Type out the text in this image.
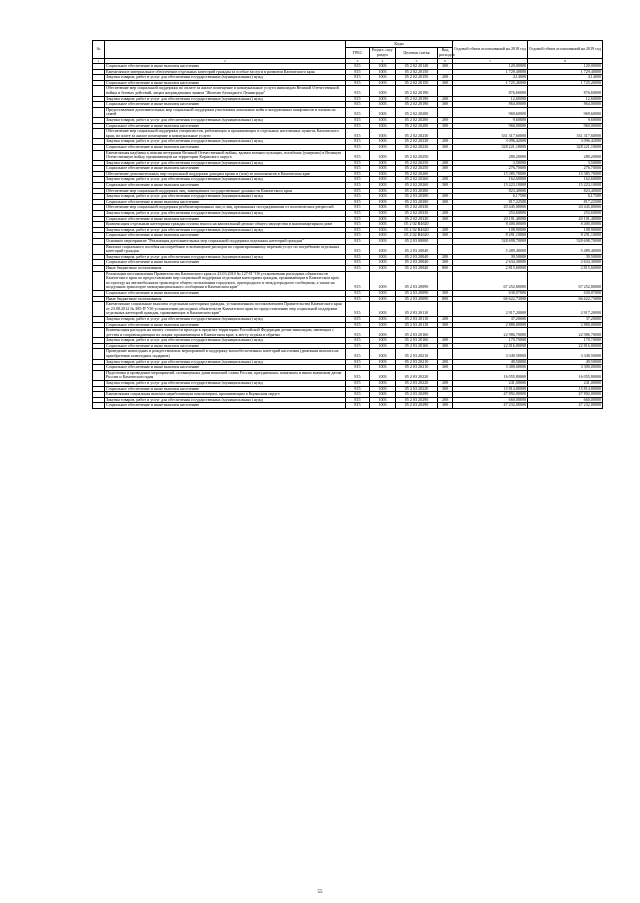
№		Коды				Годовой объем ассигнований на 2018 год	Годовой объем ассигнований на 2019 год
		ГРБС	Раздел, под-раздел	Целевая статья	Вид расходов		
1	2	3	4	5	6	7	8
	Социальное обеспечение и иные выплаты населению	815	1003	05 2 02 20140	300	120,00000	120,00000
	Ежемесячное материальное обеспечение отдельных категорий граждан за особые заслуги в развитии Камчатского края	815	1003	05 2 02 20150		1 729,40000	1 729,40000
	Закупка товаров, работ и услуг для обеспечения государственных (муниципальных) нужд	815	1003	05 2 02 20150	200	4,14000	4,14000
	Социальное обеспечение и иные выплаты населению	815	1003	05 2 02 20150	300	1 725,26000	1 725,26000
	Обеспечение мер социальной поддержки по оплате за жилое помещение и коммунальные услуги инвалидам Великой Отечественной войны и боевых действий, лицам награжденным знаком "Жителю блокадного Ленинграда"	815	1003	05 2 02 20190		876,60000	876,60000
	Закупка товаров, работ и услуг для обеспечения государственных (муниципальных) нужд	815	1003	05 2 02 20190	200	12,60000	12,60000
	Социальное обеспечение и иные выплаты населению	815	1003	05 2 02 20190	300	864,00000	864,00000
	Предоставление дополнительных мер социальной поддержки участникам локальных войн и вооруженных конфликтов и членам их семей	815	1003	05 2 02 20200		969,60000	969,60000
	Закупка товаров, работ и услуг для обеспечения государственных (муниципальных) нужд	815	1003	05 2 02 20200	200	9,60000	9,60000
	Социальное обеспечение и иные выплаты населению	815	1003	05 2 02 20200	300	960,00000	960,00000
	Обеспечение мер социальной поддержки специалистов, работающих и проживающих в отдельных населенных пунктах Камчатского края, по плате за жилое помещение и коммунальные услуги	815	1003	05 2 02 20230		331 317,60000	331 317,60000
	Закупка товаров, работ и услуг для обеспечения государственных (муниципальных) нужд	815	1003	05 2 02 20230	200	3 096,42000	3 096,42000
	Социальное обеспечение и иные выплаты населению	815	1003	05 2 02 20230	300	328 221,18000	328 221,18000
	Ежемесячная надбавка к пенсии ветеранам Великой Отечественной войны, вдовам военнослужащих, погибших (умерших) в Великую Отечественную войну, проживающим на территории Корякского округа	815	1003	05 2 02 20250		280,20000	280,20000
	Закупка товаров, работ и услуг для обеспечения государственных (муниципальных) нужд	815	1003	05 2 02 20250	200	3,50000	3,50000
	Социальное обеспечение и иные выплаты населению	815	1003	05 2 02 20250	300	276,70000	276,70000
	Обеспечение дополнительных мер социальной поддержки донорам крови и (или) ее компонентов в Камчатском крае	815	1003	05 2 02 20260		15 385,70000	15 385,70000
	Закупка товаров, работ и услуг для обеспечения государственных (муниципальных) нужд	815	1003	05 2 02 20260	200	162,60000	162,60000
	Социальное обеспечение и иные выплаты населению	815	1003	05 2 02 20260	300	15 223,10000	15 223,10000
	Обеспечение мер социальной поддержки лиц, замещавших государственные должности Камчатского края	815	1003	05 2 03 20300		823,40000	823,40000
	Закупка товаров, работ и услуг для обеспечения государственных (муниципальных) нужд	815	1003	05 2 03 20300	200	6,17500	6,17500
	Социальное обеспечение и иные выплаты населению	815	1003	05 2 03 20300	300	817,22500	817,22500
	Обеспечение мер социальной поддержки реабилитированных лиц и лиц, признанных пострадавшими от политических репрессий	815	1003	05 2 02 20330		20 445,00000	20 445,00000
	Закупка товаров, работ и услуг для обеспечения государственных (муниципальных) нужд	815	1003	05 2 02 20330	200	253,60000	253,60000
	Социальное обеспечение и иные выплаты населению	815	1003	05 2 02 20330	300	20 191,40000	20 191,40000
	Компенсация отдельным категориям граждан оплаты взноса на капитальный ремонт общего имущества в многоквартирном доме	815	1003	05 2 02 R4620		8 400,00000	8 400,00000
	Закупка товаров, работ и услуг для обеспечения государственных (муниципальных) нужд	815	1003	05 2 02 R4620	200	108,90000	108,90000
	Социальное обеспечение и иные выплаты населению	815	1003	05 2 02 R4620	300	8 291,10000	8 291,10000
	Основное мероприятие "Реализация дополнительных мер социальной поддержки отдельных категорий граждан"	815	1003	05 2 03 00000		528 698,70000	528 698,70000
	Выплата социального пособия на погребение и возмещение расходов по гарантированному перечню услуг по погребению отдельных категорий граждан	815	1003	05 2 03 20040		5 489,40000	5 489,40000
	Закупка товаров, работ и услуг для обеспечения государственных (муниципальных) нужд	815	1003	05 2 03 20040	200	39,50000	39,50000
	Социальное обеспечение и иные выплаты населению	815	1003	05 2 03 20040	300	2 634,30000	2 634,30000
	Иные бюджетные ассигнования	815	1003	05 2 03 20040	800	2 815,60000	2 815,60000
	Реализация постановления Правительства Камчатского края от 23.03.2010 № 127-П "Об установлении расходных обязательств Камчатского края по предоставлению мер социальной поддержки отдельным категориям граждан, проживающим в Камчатском крае, по проезду на автомобильном транспорте общего пользования городского, пригородного и междугородного сообщения, а также на воздушном транспорте межмуниципального сообщения в Камчатском крае"	815	1003	05 2 03 20090		67 252,80000	67 252,80000
	Социальное обеспечение и иные выплаты населению	815	1003	05 2 03 20090	300	630,07000	630,07000
	Иные бюджетные ассигнования	815	1003	05 2 03 20090	800	66 622,73000	66 622,73000
	Ежемесячные социальные выплаты отдельным категориям граждан, установленным постановлением Правительства Камчатского края от 23.08.2012 № 385-П "Об установлении расходных обязательств Камчатского края по предоставлению мер социальной поддержки отдельных категорий граждан, проживающих в Камчатском крае"	815	1003	05 2 03 20110		2 917,20000	2 917,20000
	Закупка товаров, работ и услуг для обеспечения государственных (муниципальных) нужд	815	1003	05 2 03 20110	200	37,20000	37,20000
	Социальное обеспечение и иные выплаты населению	815	1003	05 2 03 20110	300	2 880,00000	2 880,00000
	Компенсация расходов на оплату стоимости проезда в пределах территории Российской Федерации детям-инвалидам, имеющим с детства и сопровождающим их лицам, проживающим в Камчатском крае, к месту отдыха и обратно	815	1003	05 2 03 20160		22 986,70000	22 986,70000
	Закупка товаров, работ и услуг для обеспечения государственных (муниципальных) нужд	815	1003	05 2 03 20160	200	170,70000	170,70000
	Социальное обеспечение и иные выплаты населению	815	1003	05 2 03 20160	300	22 816,00000	22 816,00000
	Проведение новогодних и рождественских мероприятий в поддержку малообеспеченных категорий населения (денежная выплата на приобретение новогодних подарков)	815	1003	05 2 03 20210		3 349,50000	3 349,50000
	Закупка товаров, работ и услуг для обеспечения государственных (муниципальных) нужд	815	1003	05 2 03 20210	200	49,50000	49,50000
	Социальное обеспечение и иные выплаты населению	815	1003	05 2 03 20210	300	3 300,00000	3 300,00000
	Подготовка и проведение мероприятий, посвященных дням воинской славы России, праздничным, памятным и иным значимым датам России и Камчатского края	815	1003	05 2 03 20220		16 055,80000	16 055,80000
	Закупка товаров, работ и услуг для обеспечения государственных (муниципальных) нужд	815	1003	05 2 03 20220	200	241,00000	241,00000
	Социальное обеспечение и иные выплаты населению	815	1003	05 2 03 20220	300	15 814,80000	15 814,80000
	Ежемесячная социальная выплата неработающим пенсионерам, проживающим в Корякском округе	815	1003	05 2 03 20290		47 892,00000	47 892,00000
	Закупка товаров, работ и услуг для обеспечения государственных (муниципальных) нужд	815	1003	05 2 03 20290	200	660,00000	660,00000
	Социальное обеспечение и иные выплаты населению	815	1003	05 2 03 20290	300	47 232,00000	47 232,00000
55
